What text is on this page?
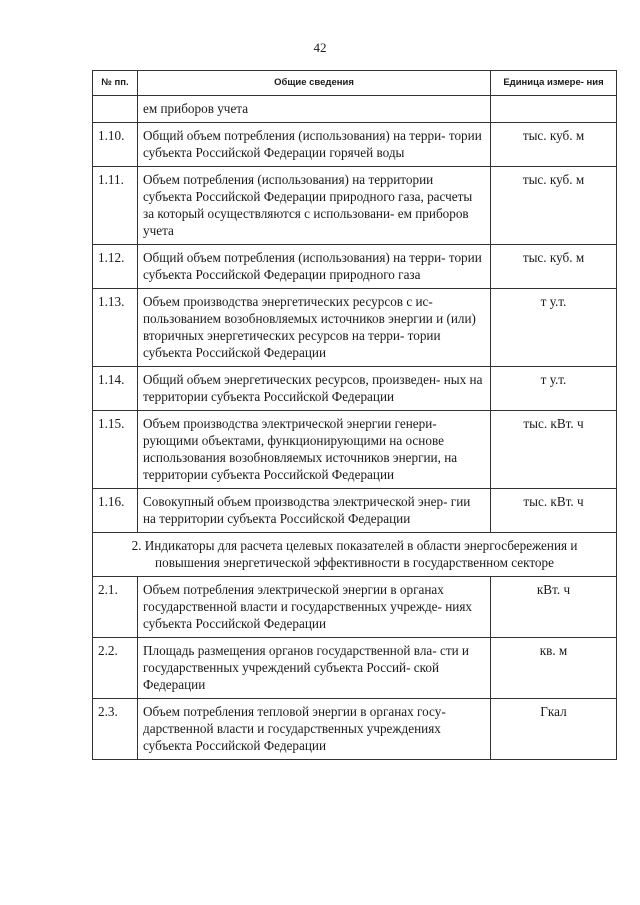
42
№ пп.	Общие сведения	Единица измере- ния
	ем приборов учета	
1.10.	Общий объем потребления (использования) на терри- тории субъекта Российской Федерации горячей воды	тыс. куб. м
1.11.	Объем потребления (использования) на территории субъекта Российской Федерации природного газа, расчеты за который осуществляются с использовани- ем приборов учета	тыс. куб. м
1.12.	Общий объем потребления (использования) на терри- тории субъекта Российской Федерации природного газа	тыс. куб. м
1.13.	Объем производства энергетических ресурсов с ис- пользованием возобновляемых источников энергии и (или) вторичных энергетических ресурсов на терри- тории субъекта Российской Федерации	т у.т.
1.14.	Общий объем энергетических ресурсов, произведен- ных на территории субъекта Российской Федерации	т у.т.
1.15.	Объем производства электрической энергии генери- рующими объектами, функционирующими на основе использования возобновляемых источников энергии, на территории субъекта Российской Федерации	тыс. кВт. ч
1.16.	Совокупный объем производства электрической энер- гии на территории субъекта Российской Федерации	тыс. кВт. ч
2. Индикаторы для расчета целевых показателей в области энергосбережения и повышения энергетической эффективности в государственном секторе		
2.1.	Объем потребления электрической энергии в органах государственной власти и государственных учрежде- ниях субъекта Российской Федерации	кВт. ч
2.2.	Площадь размещения органов государственной вла- сти и государственных учреждений субъекта Россий- ской Федерации	кв. м
2.3.	Объем потребления тепловой энергии в органах госу- дарственной власти и государственных учреждениях субъекта Российской Федерации	Гкал
